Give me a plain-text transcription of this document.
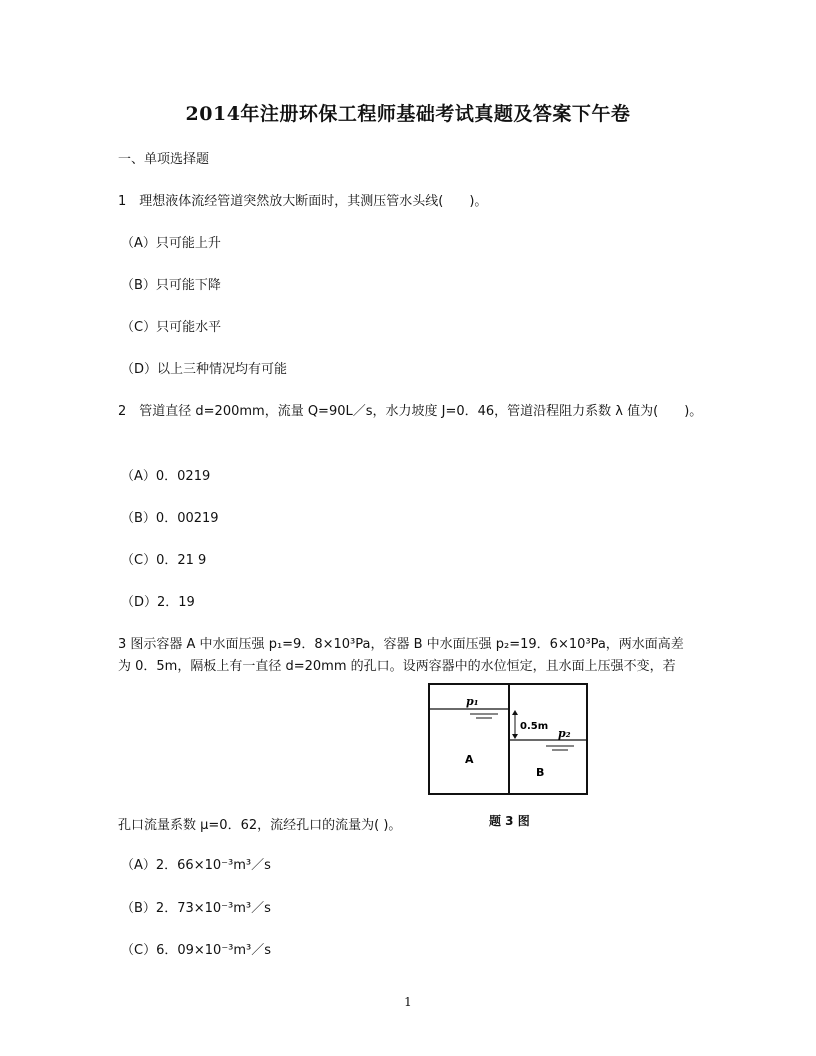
2014年注册环保工程师基础考试真题及答案下午卷
一、单项选择题
1　理想液体流经管道突然放大断面时，其测压管水头线(　　)。
（A）只可能上升
（B）只可能下降
（C）只可能水平
（D）以上三种情况均有可能
2　管道直径 d=200mm，流量 Q=90L／s，水力坡度 J=0．46，管道沿程阻力系数 λ 值为(　　)。
（A）0．0219
（B）0．00219
（C）0．21 9
（D）2．19
3 图示容器 A 中水面压强 p₁=9．8×10³Pa，容器 B 中水面压强 p₂=19．6×10³Pa，两水面高差
为 0．5m，隔板上有一直径 d=20mm 的孔口。设两容器中的水位恒定，且水面上压强不变，若
p₁
p₂
0.5m
A
B
题 3 图
孔口流量系数 μ=0．62，流经孔口的流量为( )。
（A）2．66×10⁻³m³／s
（B）2．73×10⁻³m³／s
（C）6．09×10⁻³m³／s
1
